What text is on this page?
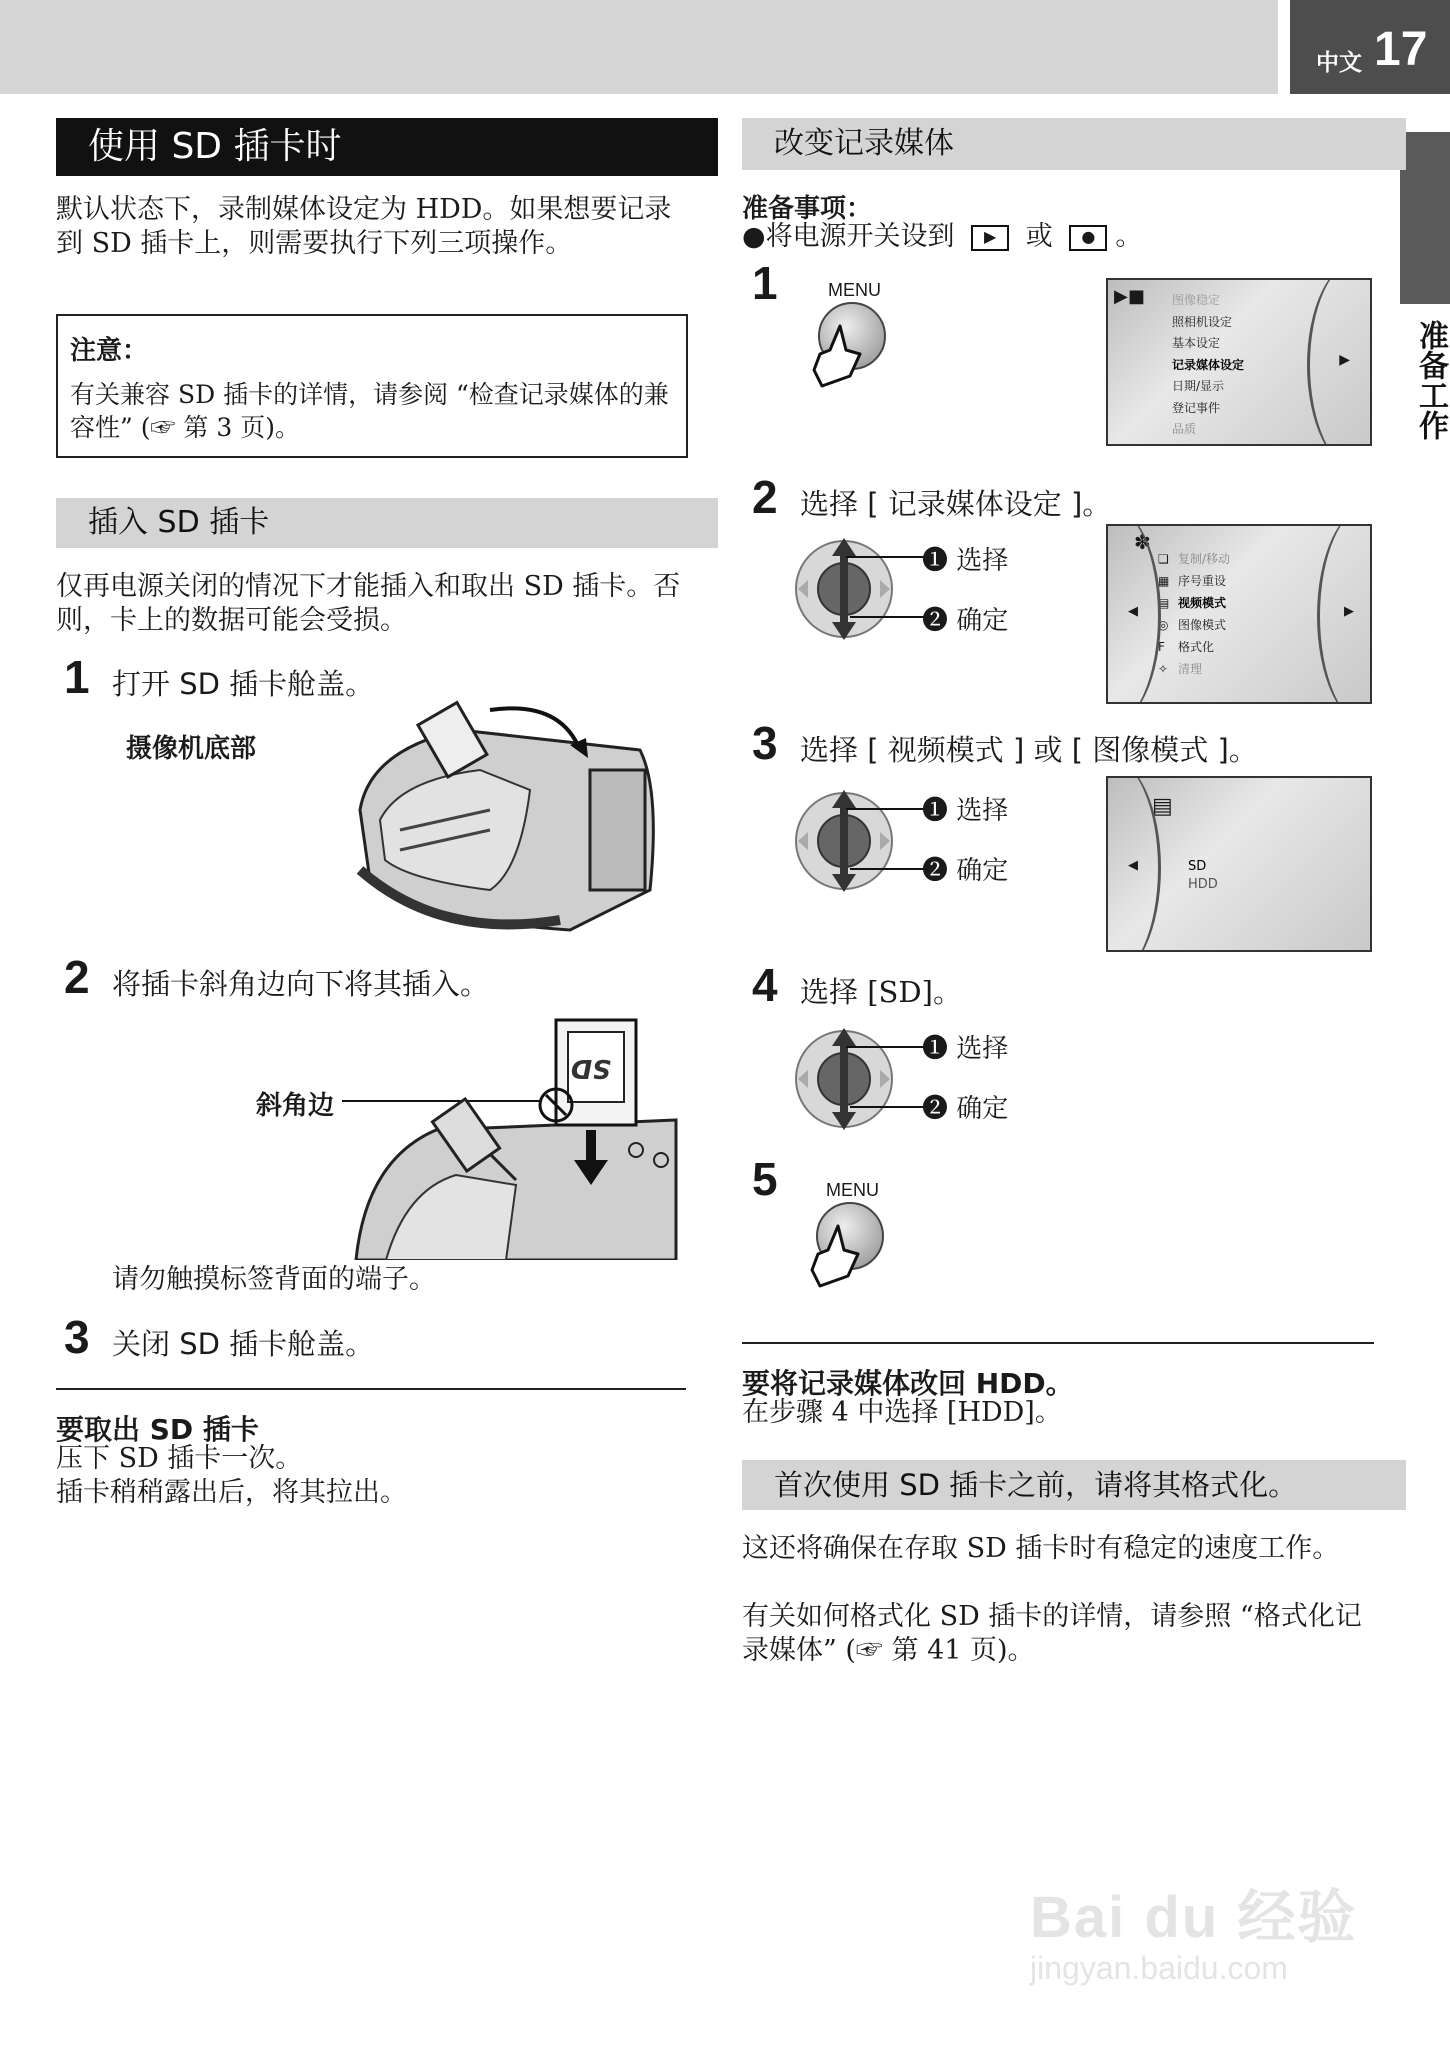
中文 17
准备工作
使用 SD 插卡时
默认状态下，录制媒体设定为 HDD。如果想要记录到 SD 插卡上，则需要执行下列三项操作。
注意：
有关兼容 SD 插卡的详情，请参阅 “检查记录媒体的兼容性” (☞ 第 3 页)。
插入 SD 插卡
仅再电源关闭的情况下才能插入和取出 SD 插卡。否则，卡上的数据可能会受损。
1 打开 SD 插卡舱盖。
摄像机底部
2 将插卡斜角边向下将其插入。
斜角边
SD
请勿触摸标签背面的端子。
3 关闭 SD 插卡舱盖。
要取出 SD 插卡
压下 SD 插卡一次。
插卡稍稍露出后，将其拉出。
改变记录媒体
准备事项：
●将电源开关设到 ▶ 或 ● 。
1	MENU	▶■ 图像稳定
照相机设定
基本设定
记录媒体设定
日期/显示
登记事件
品质
▶
2 选择 [ 记录媒体设定 ]。
❶ 选择
❷ 确定
✽
❏ 复制/移动
▦ 序号重设
▤ 视频模式
◎ 图像模式
F 格式化
✧ 清理
◀	▶
3 选择 [ 视频模式 ] 或 [ 图像模式 ]。
❶ 选择
❷ 确定
▤
SD
HDD
◀
4 选择 [SD]。
❶ 选择
❷ 确定
5	MENU
要将记录媒体改回 HDD。
在步骤 4 中选择 [HDD]。
首次使用 SD 插卡之前，请将其格式化。
这还将确保在存取 SD 插卡时有稳定的速度工作。
有关如何格式化 SD 插卡的详情，请参照 “格式化记录媒体” (☞ 第 41 页)。
Bai du 经验
jingyan.baidu.com
